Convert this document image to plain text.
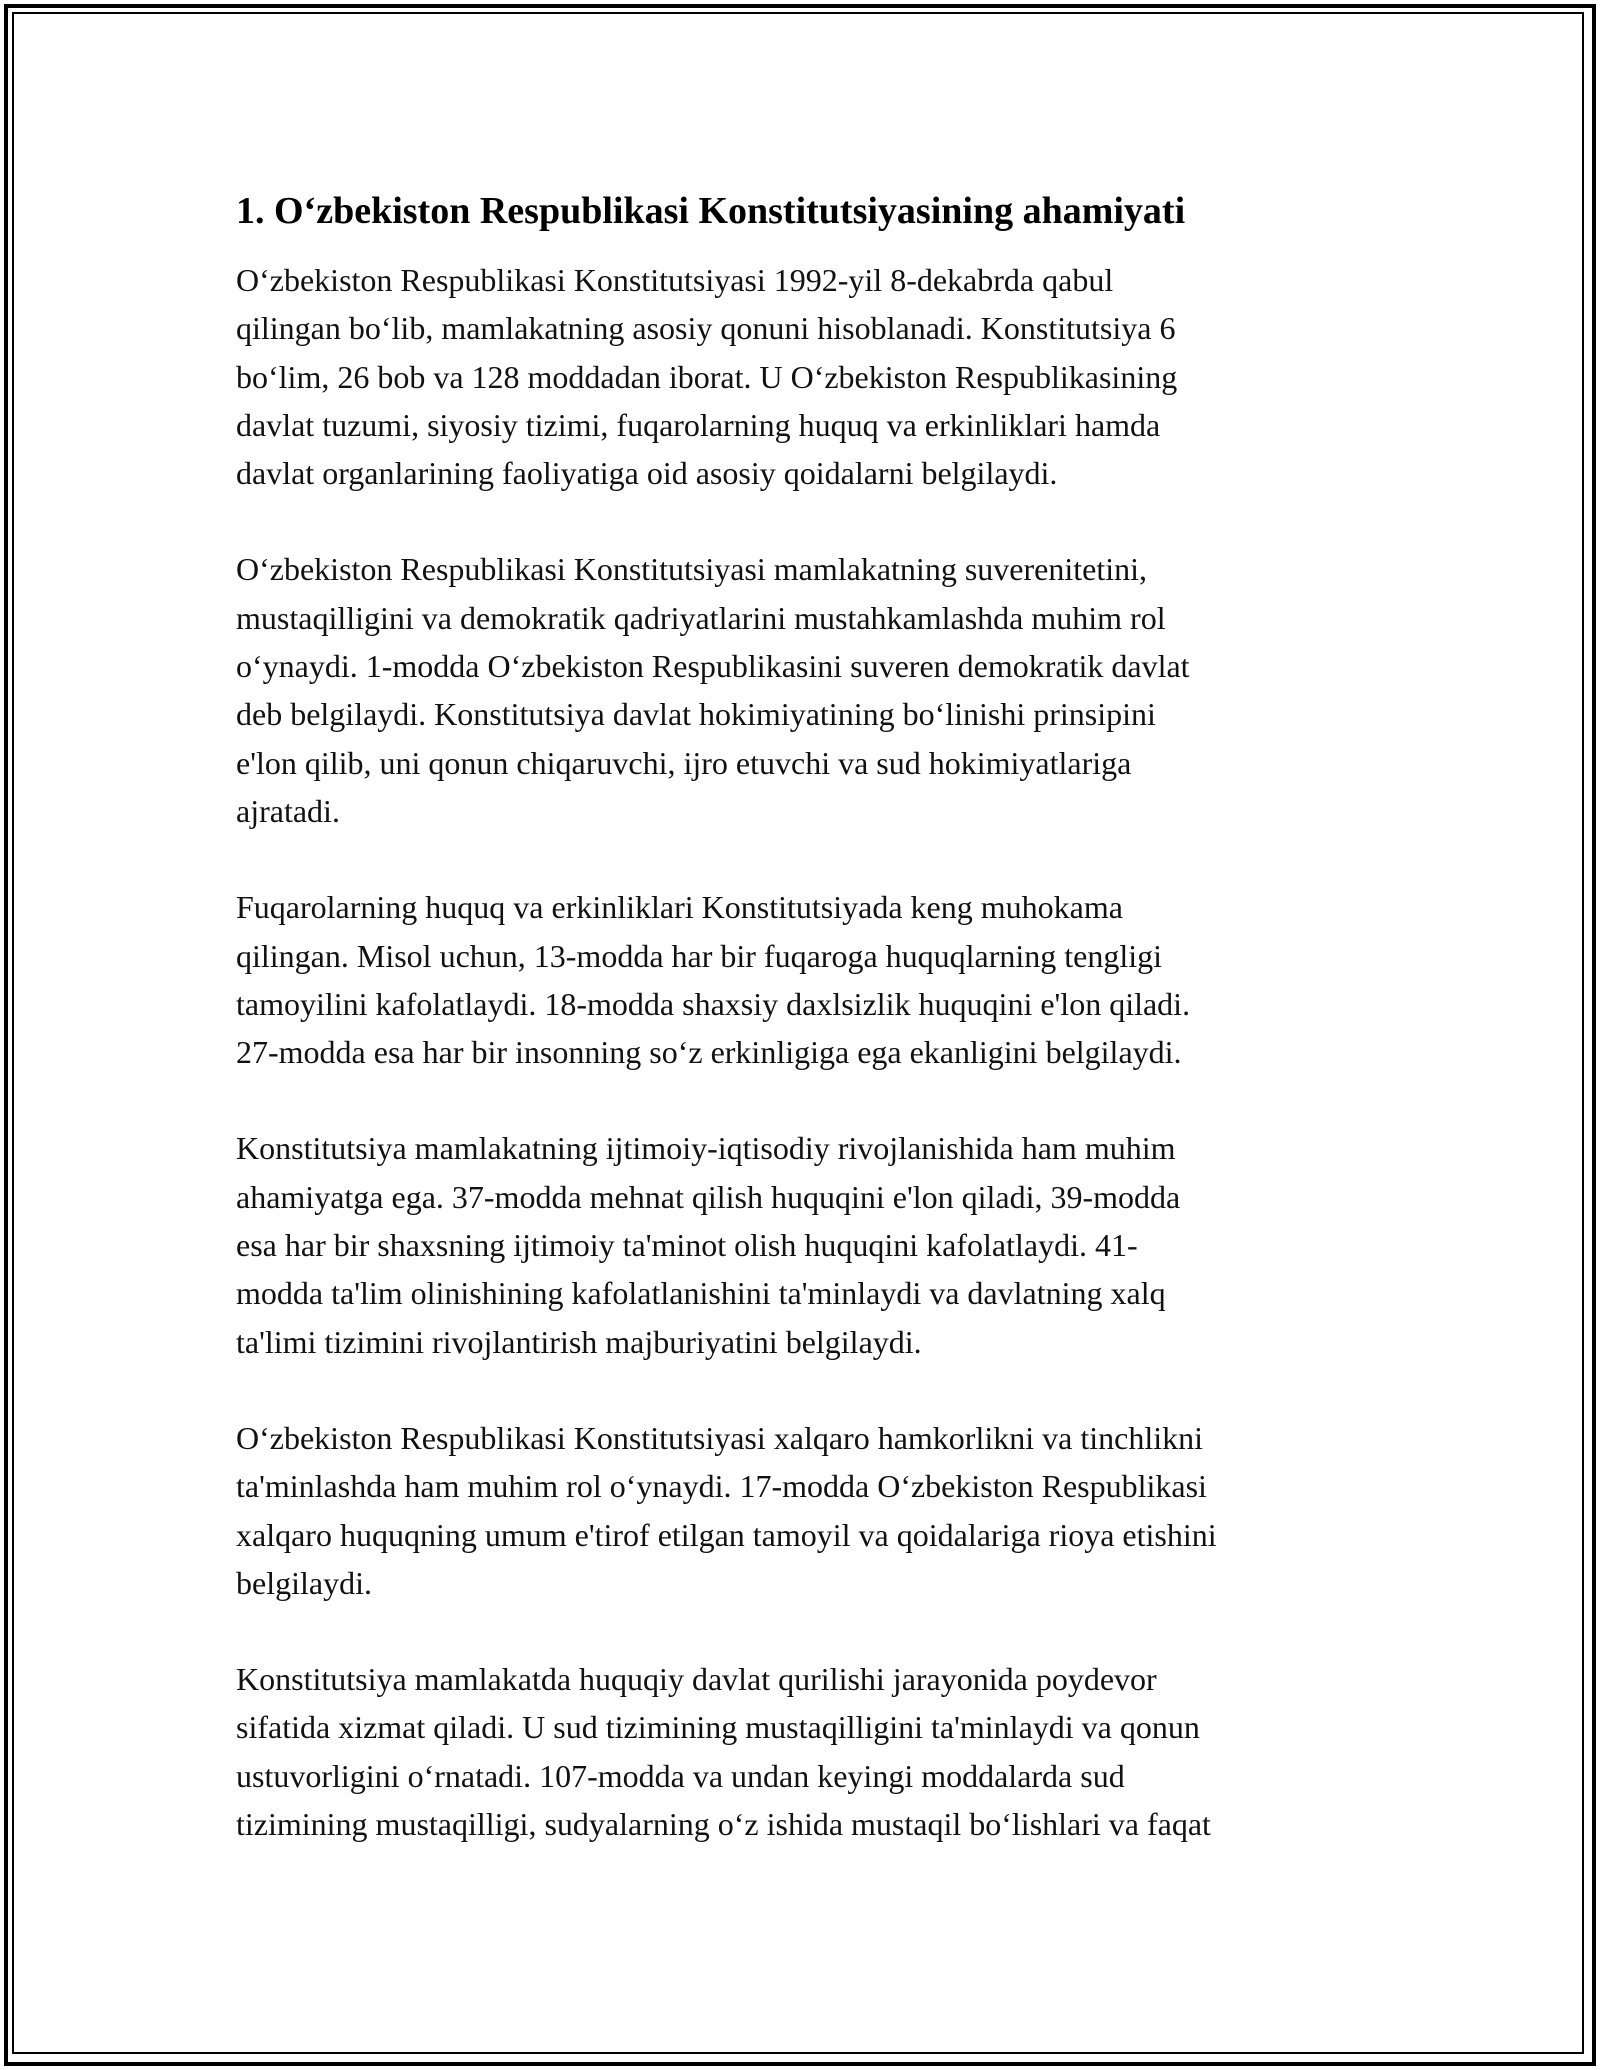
1. O‘zbekiston Respublikasi Konstitutsiyasining ahamiyati
O‘zbekiston Respublikasi Konstitutsiyasi 1992-yil 8-dekabrda qabul
qilingan bo‘lib, mamlakatning asosiy qonuni hisoblanadi. Konstitutsiya 6
bo‘lim, 26 bob va 128 moddadan iborat. U O‘zbekiston Respublikasining
davlat tuzumi, siyosiy tizimi, fuqarolarning huquq va erkinliklari hamda
davlat organlarining faoliyatiga oid asosiy qoidalarni belgilaydi.
O‘zbekiston Respublikasi Konstitutsiyasi mamlakatning suverenitetini,
mustaqilligini va demokratik qadriyatlarini mustahkamlashda muhim rol
o‘ynaydi. 1-modda O‘zbekiston Respublikasini suveren demokratik davlat
deb belgilaydi. Konstitutsiya davlat hokimiyatining bo‘linishi prinsipini
e'lon qilib, uni qonun chiqaruvchi, ijro etuvchi va sud hokimiyatlariga
ajratadi.
Fuqarolarning huquq va erkinliklari Konstitutsiyada keng muhokama
qilingan. Misol uchun, 13-modda har bir fuqaroga huquqlarning tengligi
tamoyilini kafolatlaydi. 18-modda shaxsiy daxlsizlik huquqini e'lon qiladi.
27-modda esa har bir insonning so‘z erkinligiga ega ekanligini belgilaydi.
Konstitutsiya mamlakatning ijtimoiy-iqtisodiy rivojlanishida ham muhim
ahamiyatga ega. 37-modda mehnat qilish huquqini e'lon qiladi, 39-modda
esa har bir shaxsning ijtimoiy ta'minot olish huquqini kafolatlaydi. 41-
modda ta'lim olinishining kafolatlanishini ta'minlaydi va davlatning xalq
ta'limi tizimini rivojlantirish majburiyatini belgilaydi.
O‘zbekiston Respublikasi Konstitutsiyasi xalqaro hamkorlikni va tinchlikni
ta'minlashda ham muhim rol o‘ynaydi. 17-modda O‘zbekiston Respublikasi
xalqaro huquqning umum e'tirof etilgan tamoyil va qoidalariga rioya etishini
belgilaydi.
Konstitutsiya mamlakatda huquqiy davlat qurilishi jarayonida poydevor
sifatida xizmat qiladi. U sud tizimining mustaqilligini ta'minlaydi va qonun
ustuvorligini o‘rnatadi. 107-modda va undan keyingi moddalarda sud
tizimining mustaqilligi, sudyalarning o‘z ishida mustaqil bo‘lishlari va faqat
